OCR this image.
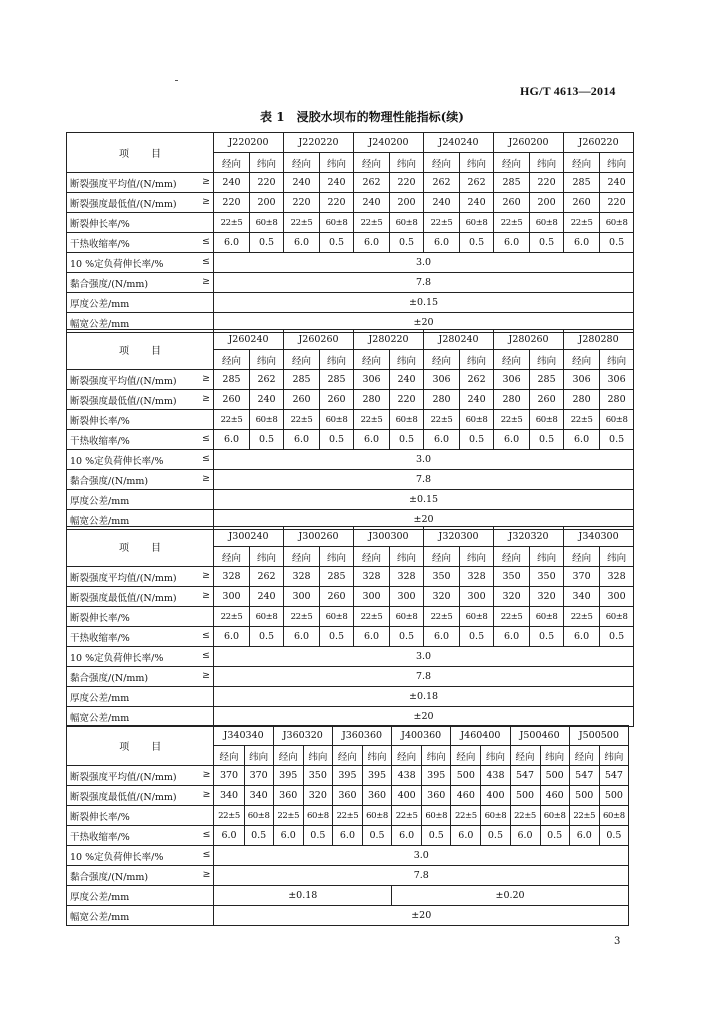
HG/T 4613—2014
表 1　浸胶水坝布的物理性能指标(续)
项　目	J220200		J220220		J240200		J240240		J260200		J260220	
	经向	纬向	经向	纬向	经向	纬向	经向	纬向	经向	纬向	经向	纬向
断裂强度平均值/(N/mm) ≥	240	220	240	240	262	220	262	262	285	220	285	240
断裂强度最低值/(N/mm) ≥	220	200	220	220	240	200	240	240	260	200	260	220
断裂伸长率/%	22±5	60±8	22±5	60±8	22±5	60±8	22±5	60±8	22±5	60±8	22±5	60±8
干热收缩率/% ≤	6.0	0.5	6.0	0.5	6.0	0.5	6.0	0.5	6.0	0.5	6.0	0.5
10 %定负荷伸长率/% ≤	3.0											
黏合强度/(N/mm) ≥	7.8											
厚度公差/mm	±0.15											
幅宽公差/mm	±20											
项　目	J260240		J260260		J280220		J280240		J280260		J280280	
	经向	纬向	经向	纬向	经向	纬向	经向	纬向	经向	纬向	经向	纬向
断裂强度平均值/(N/mm) ≥	285	262	285	285	306	240	306	262	306	285	306	306
断裂强度最低值/(N/mm) ≥	260	240	260	260	280	220	280	240	280	260	280	280
断裂伸长率/%	22±5	60±8	22±5	60±8	22±5	60±8	22±5	60±8	22±5	60±8	22±5	60±8
干热收缩率/% ≤	6.0	0.5	6.0	0.5	6.0	0.5	6.0	0.5	6.0	0.5	6.0	0.5
10 %定负荷伸长率/% ≤	3.0											
黏合强度/(N/mm) ≥	7.8											
厚度公差/mm	±0.15											
幅宽公差/mm	±20											
项　目	J300240		J300260		J300300		J320300		J320320		J340300	
	经向	纬向	经向	纬向	经向	纬向	经向	纬向	经向	纬向	经向	纬向
断裂强度平均值/(N/mm) ≥	328	262	328	285	328	328	350	328	350	350	370	328
断裂强度最低值/(N/mm) ≥	300	240	300	260	300	300	320	300	320	320	340	300
断裂伸长率/%	22±5	60±8	22±5	60±8	22±5	60±8	22±5	60±8	22±5	60±8	22±5	60±8
干热收缩率/% ≤	6.0	0.5	6.0	0.5	6.0	0.5	6.0	0.5	6.0	0.5	6.0	0.5
10 %定负荷伸长率/% ≤	3.0											
黏合强度/(N/mm) ≥	7.8											
厚度公差/mm	±0.18											
幅宽公差/mm	±20											
项　目	J340340		J360320		J360360		J400360		J460400		J500460		J500500	
	经向	纬向	经向	纬向	经向	纬向	经向	纬向	经向	纬向	经向	纬向	经向	纬向
断裂强度平均值/(N/mm) ≥	370	370	395	350	395	395	438	395	500	438	547	500	547	547
断裂强度最低值/(N/mm) ≥	340	340	360	320	360	360	400	360	460	400	500	460	500	500
断裂伸长率/%	22±5	60±8	22±5	60±8	22±5	60±8	22±5	60±8	22±5	60±8	22±5	60±8	22±5	60±8
干热收缩率/% ≤	6.0	0.5	6.0	0.5	6.0	0.5	6.0	0.5	6.0	0.5	6.0	0.5	6.0	0.5
10 %定负荷伸长率/% ≤	3.0													
黏合强度/(N/mm) ≥	7.8													
厚度公差/mm	±0.18						±0.20							
幅宽公差/mm	±20													
3
